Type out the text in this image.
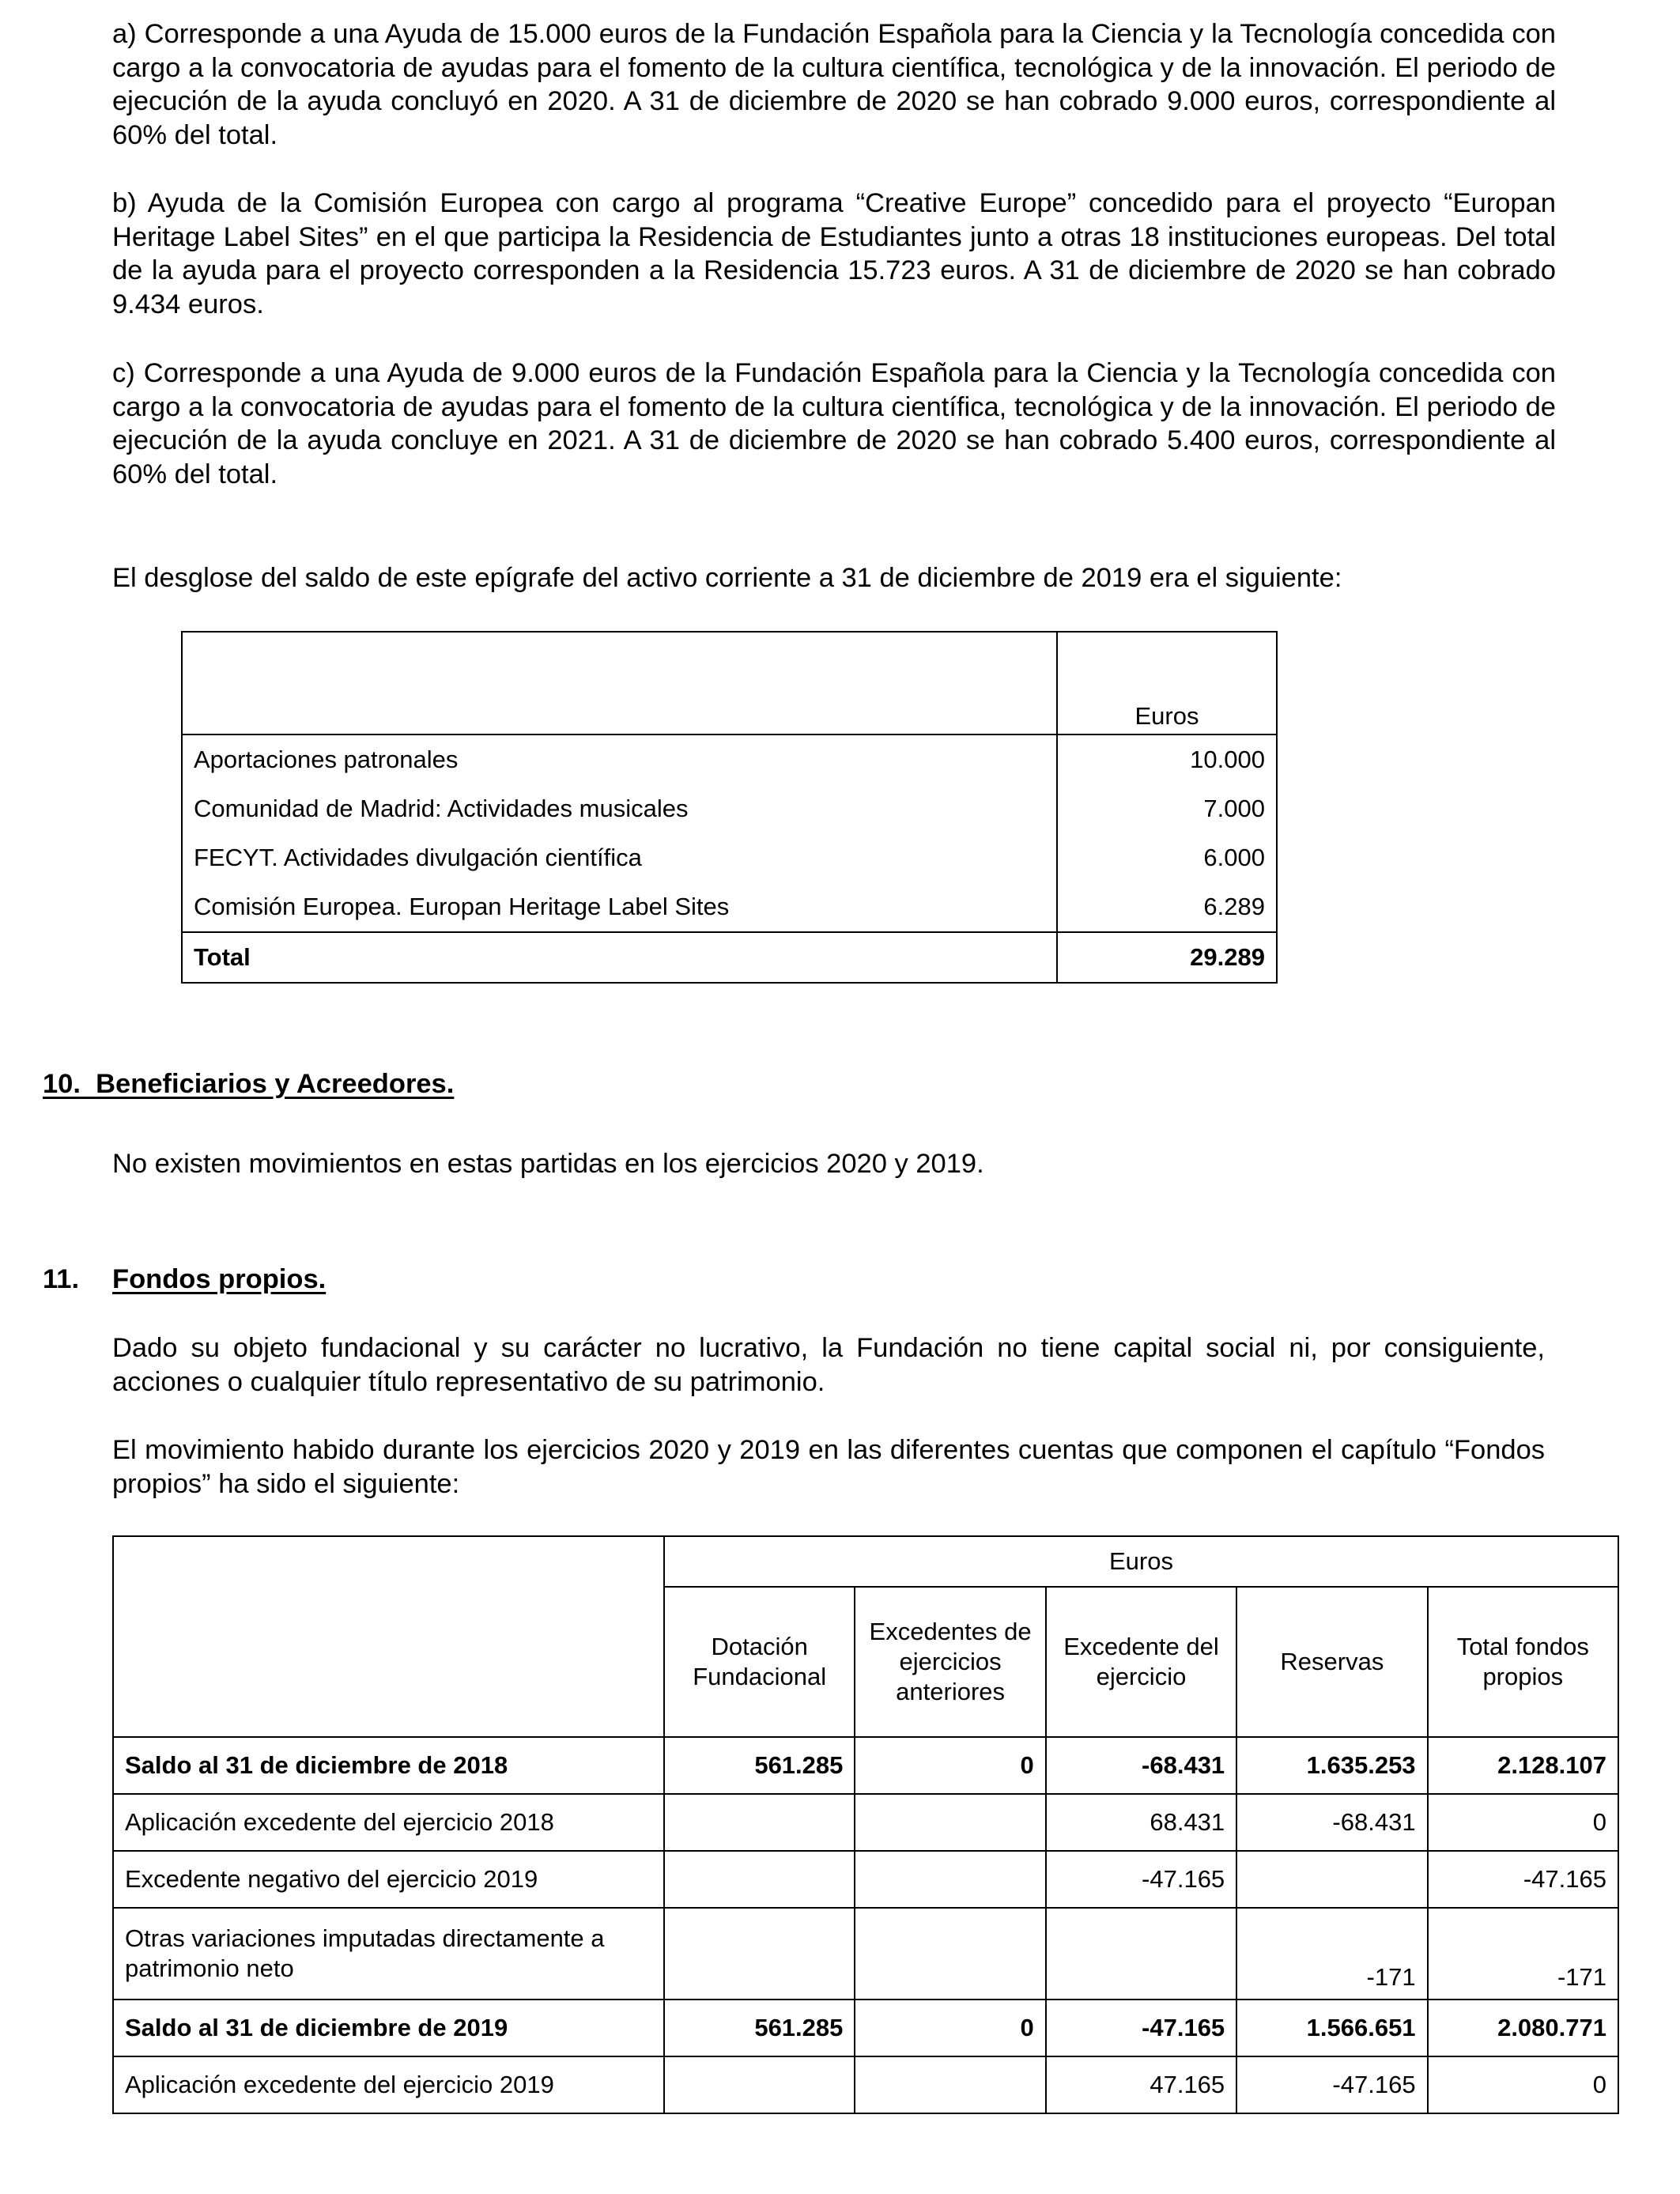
a) Corresponde a una Ayuda de 15.000 euros de la Fundación Española para la Ciencia y la Tecnología concedida con cargo a la convocatoria de ayudas para el fomento de la cultura científica, tecnológica y de la innovación. El periodo de ejecución de la ayuda concluyó en 2020. A 31 de diciembre de 2020 se han cobrado 9.000 euros, correspondiente al 60% del total.

b) Ayuda de la Comisión Europea con cargo al programa “Creative Europe” concedido para el proyecto “Europan Heritage Label Sites” en el que participa la Residencia de Estudiantes junto a otras 18 instituciones europeas. Del total de la ayuda para el proyecto corresponden a la Residencia 15.723 euros. A 31 de diciembre de 2020 se han cobrado 9.434 euros.

c) Corresponde a una Ayuda de 9.000 euros de la Fundación Española para la Ciencia y la Tecnología concedida con cargo a la convocatoria de ayudas para el fomento de la cultura científica, tecnológica y de la innovación. El periodo de ejecución de la ayuda concluye en 2021. A 31 de diciembre de 2020 se han cobrado 5.400 euros, correspondiente al 60% del total.

El desglose del saldo de este epígrafe del activo corriente a 31 de diciembre de 2019 era el siguiente:

	Euros
Aportaciones patronales	10.000
Comunidad de Madrid: Actividades musicales	7.000
FECYT. Actividades divulgación científica	6.000
Comisión Europea. Europan Heritage Label Sites	6.289
Total	29.289
10. Beneficiarios y Acreedores.

No existen movimientos en estas partidas en los ejercicios 2020 y 2019.

11. Fondos propios.

Dado su objeto fundacional y su carácter no lucrativo, la Fundación no tiene capital social ni, por consiguiente, acciones o cualquier título representativo de su patrimonio.

El movimiento habido durante los ejercicios 2020 y 2019 en las diferentes cuentas que componen el capítulo “Fondos propios” ha sido el siguiente:

	Euros				
	Dotación Fundacional	Excedentes de ejercicios anteriores	Excedente del ejercicio	Reservas	Total fondos propios
Saldo al 31 de diciembre de 2018	561.285	0	-68.431	1.635.253	2.128.107
Aplicación excedente del ejercicio 2018			68.431	-68.431	0
Excedente negativo del ejercicio 2019			-47.165		-47.165
Otras variaciones imputadas directamente a patrimonio neto				-171	-171
Saldo al 31 de diciembre de 2019	561.285	0	-47.165	1.566.651	2.080.771
Aplicación excedente del ejercicio 2019			47.165	-47.165	0
